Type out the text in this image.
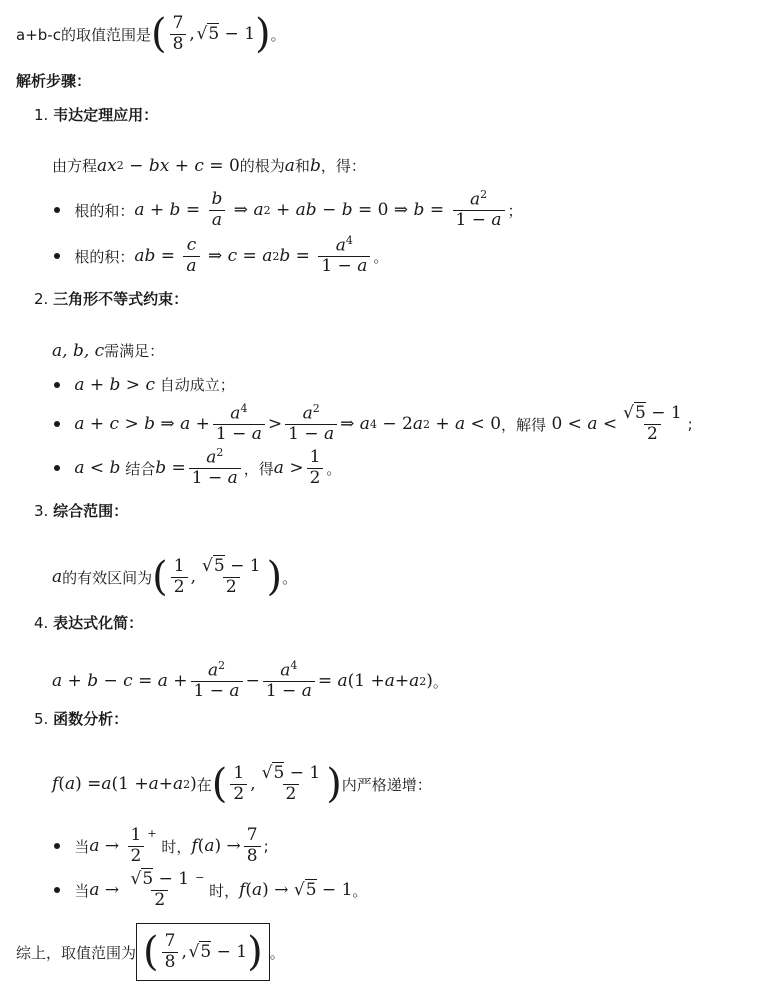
a+b-c的取值范围是 ( $\frac{7}{8}$ , √5 − 1 ) 。
解析步骤：
1.
韦达定理应用：
由方程 ax 2 − bx + c = 0 的根为 a 和 b ，得：

根的和： $a + b = \frac{b}{a}$ ⇒ a 2 + ab − b = 0 ⇒ $b = \frac{a^2}{1 - a}$ ；

根的积： ab = $\frac{c}{a}$ ⇒ c = a 2 $b = \frac{a^4}{1 - a}$ 。
2.
三角形不等式约束：
a, b, c 需满足：

a + b > c
自动成立；

a + c > b ⇒ $a + \frac{a^4}{1 - a} > \frac{a^2}{1 - a}$ ⇒ a 4 − 2 a 2 + a < 0 ，解得 $0 < a < \frac{√5 - 1}{2}$ ;

a < b
结合 $b = \frac{a^2}{1 - a}$ ，得 $a > \frac{1}{2}$ 。
3.
综合范围：
a 的有效区间为 ( $\frac{1}{2}$ , $\frac{√5 - 1}{2}$ ) 。
4.
表达式化简：
$a + b - c = a + \frac{a^2}{1 - a} - \frac{a^4}{1 - a} = a$ (1 + a + a 2 ) 。
5.
函数分析：
f ( a ) = a (1 + a + a 2 ) 在 ( $\frac{1}{2}$ , $\frac{√5 - 1}{2}$ ) 内严格递增：

当 $a \to \frac{1}{2}$ +

时， f ( a ) → $\frac{7}{8}$ ;

当 $a \to \frac{√5 - 1}{2}$ −

时， f ( a ) → √5 − 1 。
综上，取值范围为 ( $\frac{7}{8}$ , √5 − 1 ) 。
